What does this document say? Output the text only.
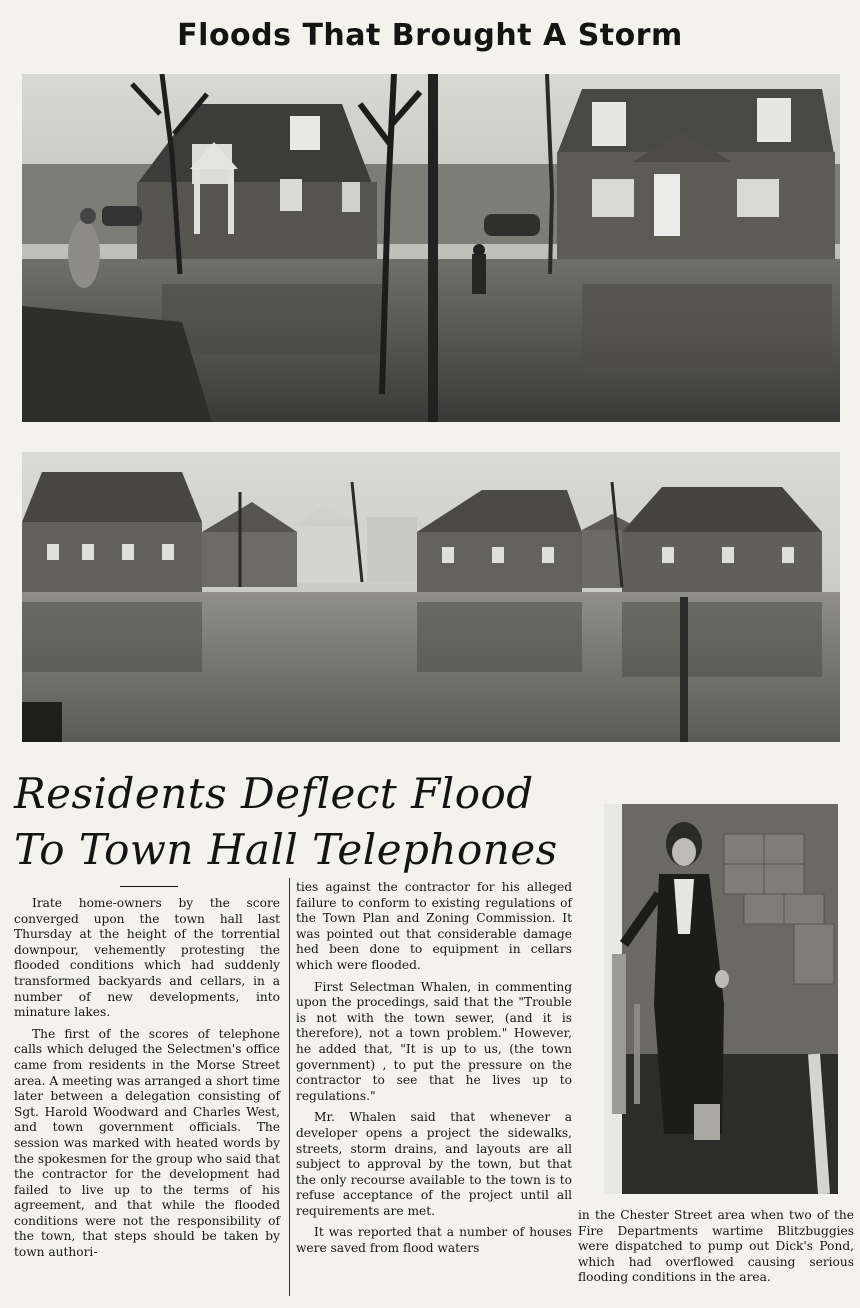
Floods That Brought A Storm
Residents Deflect Flood
To Town Hall Telephones

Irate home-owners by the score converged upon the town hall last Thursday at the height of the torrential downpour, vehemently protesting the flooded conditions which had suddenly transformed backyards and cellars, in a number of new developments, into minature lakes.

The first of the scores of telephone calls which deluged the Selectmen's office came from residents in the Morse Street area. A meeting was arranged a short time later between a delegation consisting of Sgt. Harold Woodward and Charles West, and town government officials. The session was marked with heated words by the spokesmen for the group who said that the contractor for the development had failed to live up to the terms of his agreement, and that while the flooded conditions were not the responsibility of the town, that steps should be taken by town authori-

ties against the contractor for his alleged failure to conform to existing regulations of the Town Plan and Zoning Commission. It was pointed out that considerable damage hed been done to equipment in cellars which were flooded.

First Selectman Whalen, in commenting upon the procedings, said that the "Trouble is not with the town sewer, (and it is therefore), not a town problem." However, he added that, "It is up to us, (the town government) , to put the pressure on the contractor to see that he lives up to regulations."

Mr. Whalen said that whenever a developer opens a project the sidewalks, streets, storm drains, and layouts are all subject to approval by the town, but that the only recourse available to the town is to refuse acceptance of the project until all requirements are met.

It was reported that a number of houses were saved from flood waters

in the Chester Street area when two of the Fire Departments wartime Blitzbuggies were dispatched to pump out Dick's Pond, which had overflowed causing serious flooding conditions in the area.
